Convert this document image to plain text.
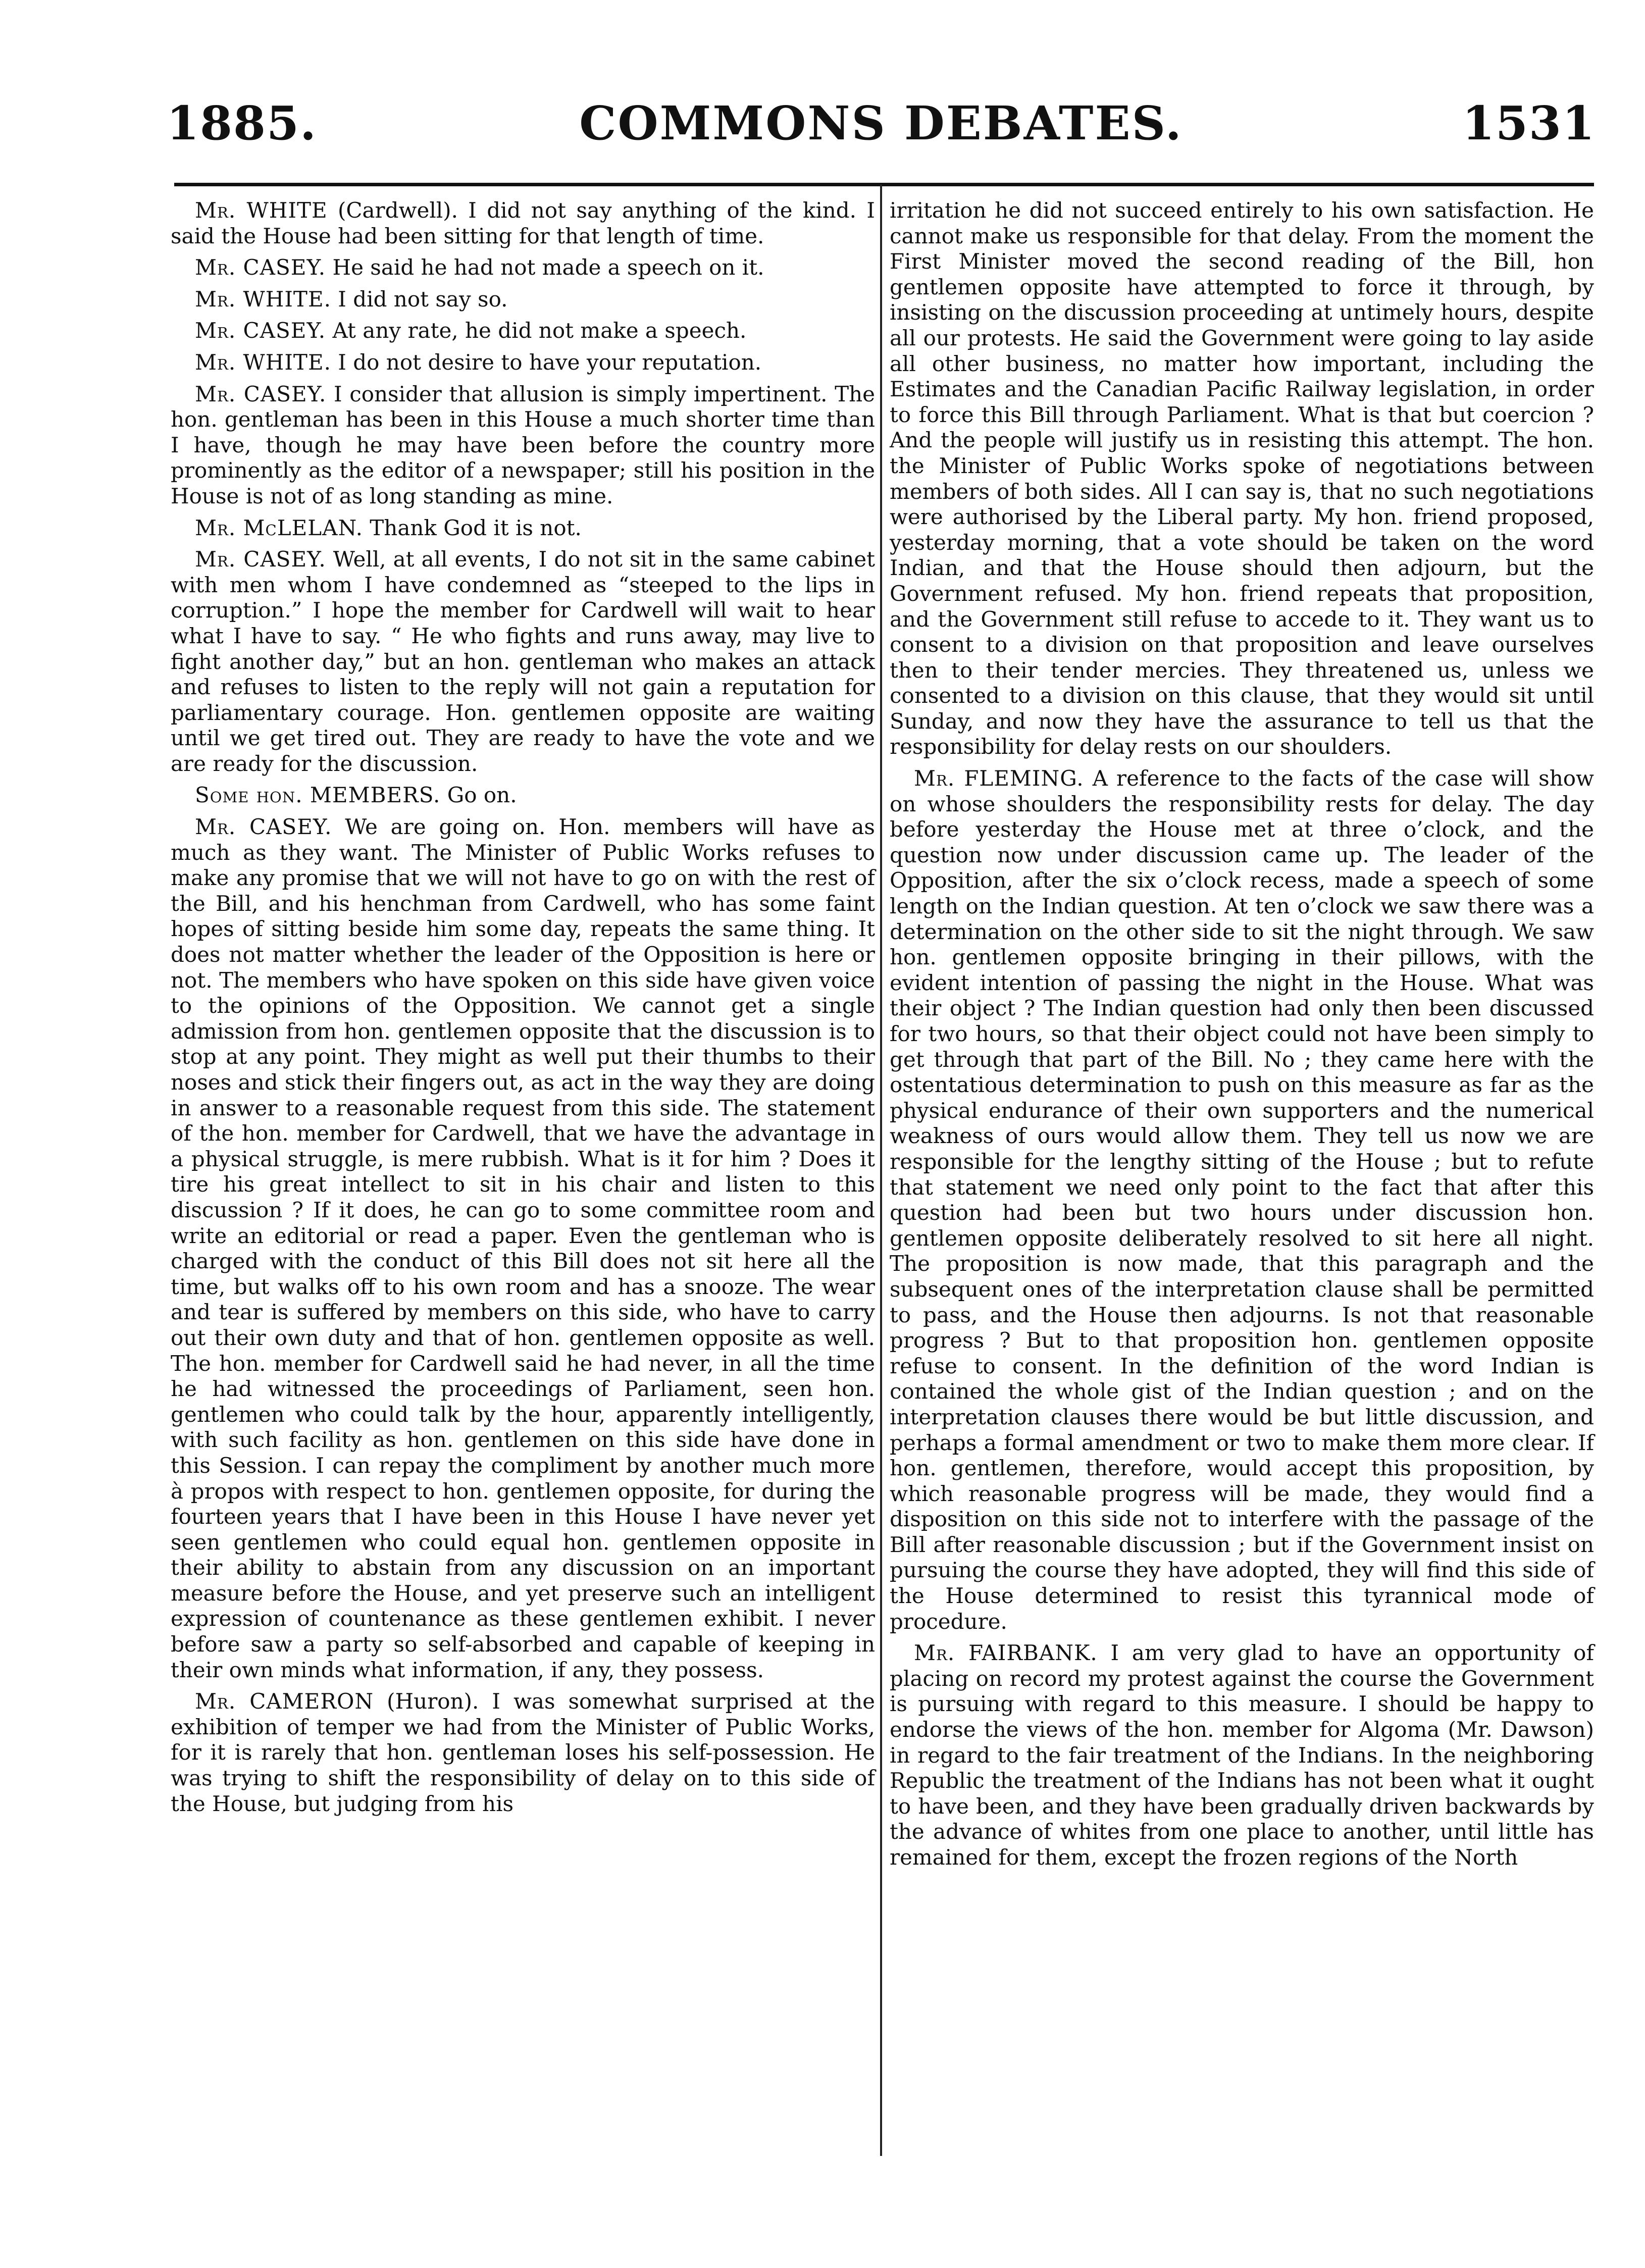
1885.	COMMONS DEBATES.	1531

Mr. WHITE (Cardwell). I did not say anything of the kind. I said the House had been sitting for that length of time.

Mr. CASEY. He said he had not made a speech on it.

Mr. WHITE. I did not say so.

Mr. CASEY. At any rate, he did not make a speech.

Mr. WHITE. I do not desire to have your reputation.

Mr. CASEY. I consider that allusion is simply impertinent. The hon. gentleman has been in this House a much shorter time than I have, though he may have been before the country more prominently as the editor of a newspaper; still his position in the House is not of as long standing as mine.

Mr. McLELAN. Thank God it is not.

Mr. CASEY. Well, at all events, I do not sit in the same cabinet with men whom I have condemned as “steeped to the lips in corruption.” I hope the member for Cardwell will wait to hear what I have to say. “ He who fights and runs away, may live to fight another day,” but an hon. gentleman who makes an attack and refuses to listen to the reply will not gain a reputation for parliamentary courage. Hon. gentlemen opposite are waiting until we get tired out. They are ready to have the vote and we are ready for the discussion.

Some hon. MEMBERS. Go on.

Mr. CASEY. We are going on. Hon. members will have as much as they want. The Minister of Public Works refuses to make any promise that we will not have to go on with the rest of the Bill, and his henchman from Cardwell, who has some faint hopes of sitting beside him some day, repeats the same thing. It does not matter whether the leader of the Opposition is here or not. The members who have spoken on this side have given voice to the opinions of the Opposition. We cannot get a single admission from hon. gentlemen opposite that the discussion is to stop at any point. They might as well put their thumbs to their noses and stick their fingers out, as act in the way they are doing in answer to a reasonable request from this side. The statement of the hon. member for Cardwell, that we have the advantage in a physical struggle, is mere rubbish. What is it for him ? Does it tire his great intellect to sit in his chair and listen to this discussion ? If it does, he can go to some committee room and write an editorial or read a paper. Even the gentleman who is charged with the conduct of this Bill does not sit here all the time, but walks off to his own room and has a snooze. The wear and tear is suffered by members on this side, who have to carry out their own duty and that of hon. gentlemen opposite as well. The hon. member for Cardwell said he had never, in all the time he had witnessed the proceedings of Parliament, seen hon. gentlemen who could talk by the hour, apparently intelligently, with such facility as hon. gentlemen on this side have done in this Session. I can repay the compliment by another much more à propos with respect to hon. gentlemen opposite, for during the fourteen years that I have been in this House I have never yet seen gentlemen who could equal hon. gentlemen opposite in their ability to abstain from any discussion on an important measure before the House, and yet preserve such an intelligent expression of countenance as these gentlemen exhibit. I never before saw a party so self-absorbed and capable of keeping in their own minds what information, if any, they possess.

Mr. CAMERON (Huron). I was somewhat surprised at the exhibition of temper we had from the Minister of Public Works, for it is rarely that hon. gentleman loses his self-possession. He was trying to shift the responsibility of delay on to this side of the House, but judging from his

irritation he did not succeed entirely to his own satisfaction. He cannot make us responsible for that delay. From the moment the First Minister moved the second reading of the Bill, hon gentlemen opposite have attempted to force it through, by insisting on the discussion proceeding at untimely hours, despite all our protests. He said the Government were going to lay aside all other business, no matter how important, including the Estimates and the Canadian Pacific Railway legislation, in order to force this Bill through Parliament. What is that but coercion ? And the people will justify us in resisting this attempt. The hon. the Minister of Public Works spoke of negotiations between members of both sides. All I can say is, that no such negotiations were authorised by the Liberal party. My hon. friend proposed, yesterday morning, that a vote should be taken on the word Indian, and that the House should then adjourn, but the Government refused. My hon. friend repeats that proposition, and the Government still refuse to accede to it. They want us to consent to a division on that proposition and leave ourselves then to their tender mercies. They threatened us, unless we consented to a division on this clause, that they would sit until Sunday, and now they have the assurance to tell us that the responsibility for delay rests on our shoulders.

Mr. FLEMING. A reference to the facts of the case will show on whose shoulders the responsibility rests for delay. The day before yesterday the House met at three o’clock, and the question now under discussion came up. The leader of the Opposition, after the six o’clock recess, made a speech of some length on the Indian question. At ten o’clock we saw there was a determination on the other side to sit the night through. We saw hon. gentlemen opposite bringing in their pillows, with the evident intention of passing the night in the House. What was their object ? The Indian question had only then been discussed for two hours, so that their object could not have been simply to get through that part of the Bill. No ; they came here with the ostentatious determination to push on this measure as far as the physical endurance of their own supporters and the numerical weakness of ours would allow them. They tell us now we are responsible for the lengthy sitting of the House ; but to refute that statement we need only point to the fact that after this question had been but two hours under discussion hon. gentlemen opposite deliberately resolved to sit here all night. The proposition is now made, that this paragraph and the subsequent ones of the interpretation clause shall be permitted to pass, and the House then adjourns. Is not that reasonable progress ? But to that proposition hon. gentlemen opposite refuse to consent. In the definition of the word Indian is contained the whole gist of the Indian question ; and on the interpretation clauses there would be but little discussion, and perhaps a formal amendment or two to make them more clear. If hon. gentlemen, therefore, would accept this proposition, by which reasonable progress will be made, they would find a disposition on this side not to interfere with the passage of the Bill after reasonable discussion ; but if the Government insist on pursuing the course they have adopted, they will find this side of the House determined to resist this tyrannical mode of procedure.

Mr. FAIRBANK. I am very glad to have an opportunity of placing on record my protest against the course the Government is pursuing with regard to this measure. I should be happy to endorse the views of the hon. member for Algoma (Mr. Dawson) in regard to the fair treatment of the Indians. In the neighboring Republic the treatment of the Indians has not been what it ought to have been, and they have been gradually driven backwards by the advance of whites from one place to another, until little has remained for them, except the frozen regions of the North
